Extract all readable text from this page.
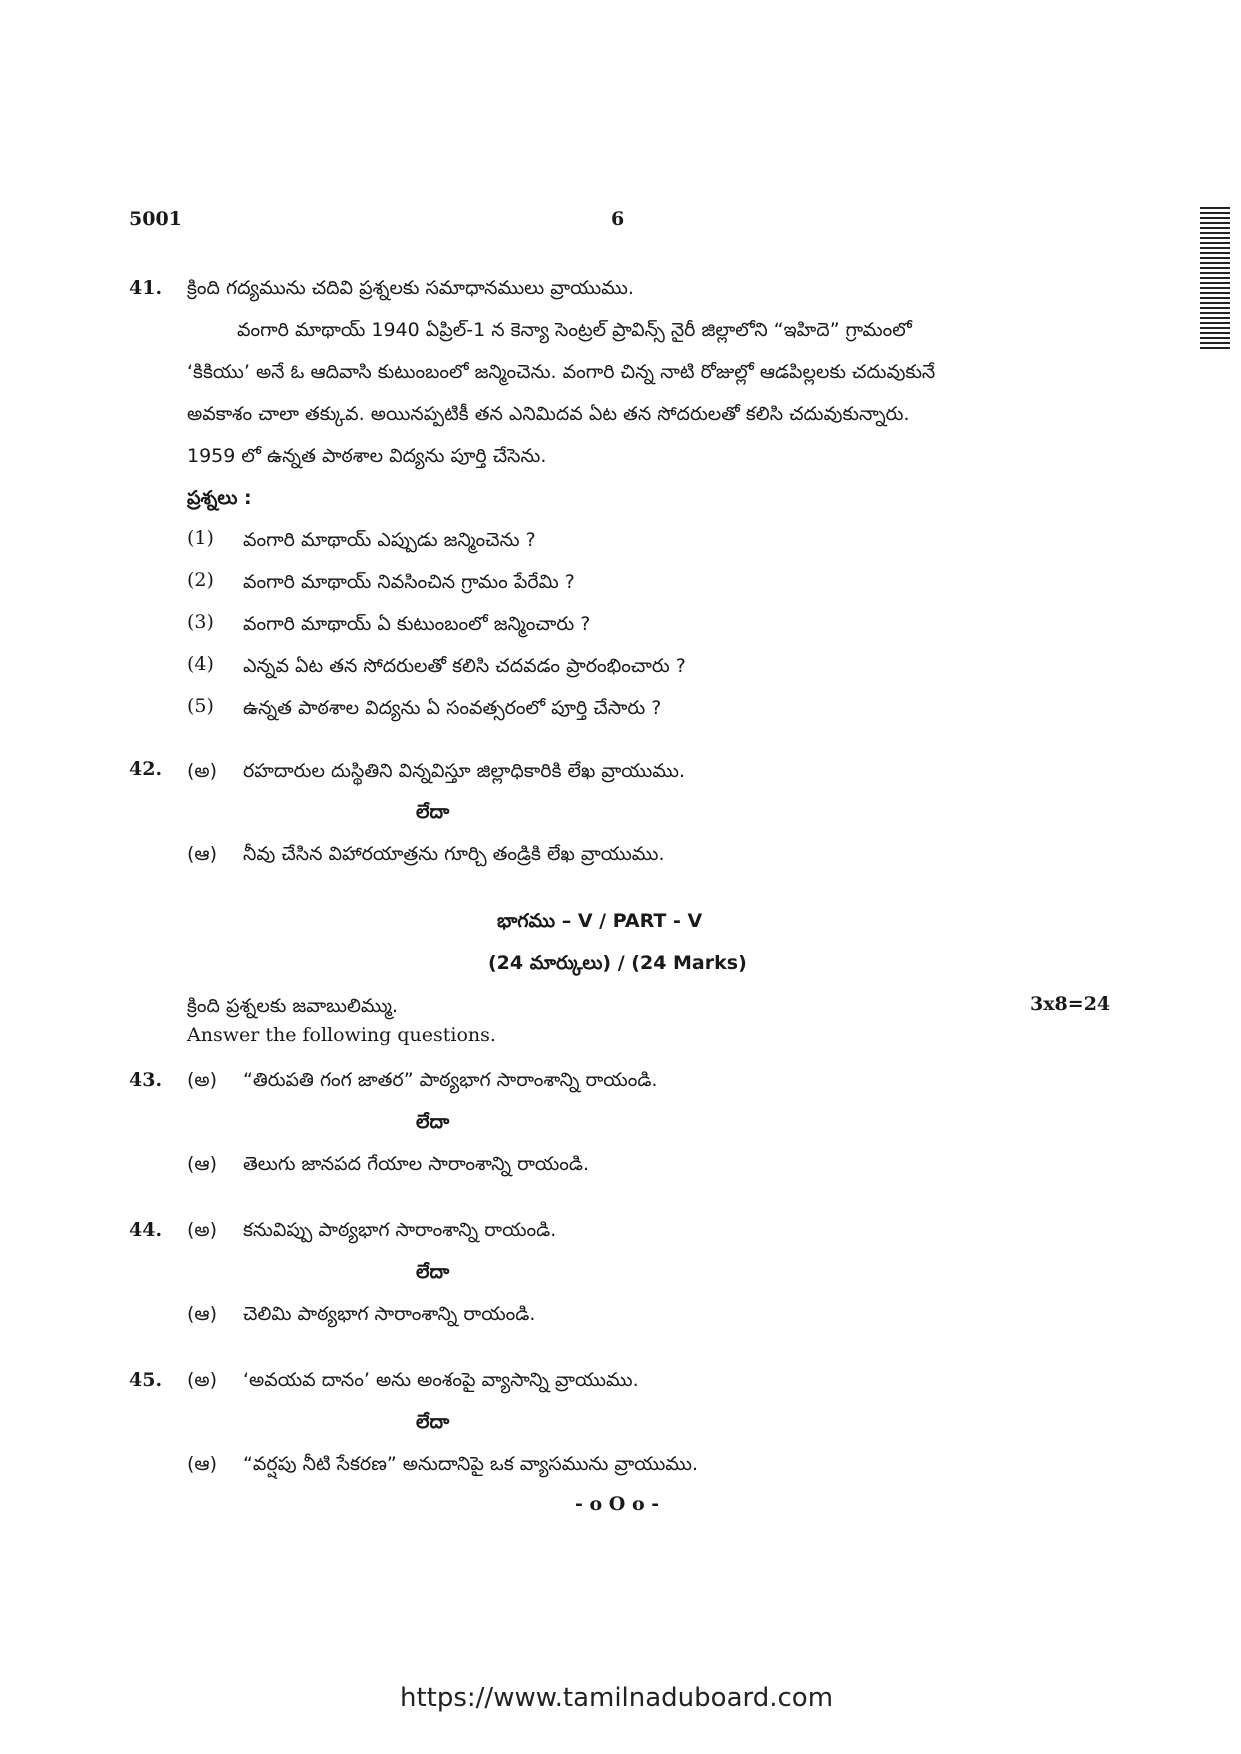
5001	6
41. క్రింది గద్యమును చదివి ప్రశ్నలకు సమాధానములు వ్రాయుము.
వంగారి మాథాయ్ 1940 ఏప్రిల్-1 న కెన్యా సెంట్రల్ ప్రావిన్స్ నైరీ జిల్లాలోని “ఇహిదె” గ్రామంలో
‘కికియు’ అనే ఓ ఆదివాసి కుటుంబంలో జన్మించెను. వంగారి చిన్న నాటి రోజుల్లో ఆడపిల్లలకు చదువుకునే
అవకాశం చాలా తక్కువ. అయినప్పటికీ తన ఎనిమిదవ ఏట తన సోదరులతో కలిసి చదువుకున్నారు.
1959 లో ఉన్నత పాఠశాల విద్యను పూర్తి చేసెను.
ప్రశ్నలు :
(1) వంగారి మాథాయ్ ఎప్పుడు జన్మించెను ?
(2) వంగారి మాథాయ్ నివసించిన గ్రామం పేరేమి ?
(3) వంగారి మాథాయ్ ఏ కుటుంబంలో జన్మించారు ?
(4) ఎన్నవ ఏట తన సోదరులతో కలిసి చదవడం ప్రారంభించారు ?
(5) ఉన్నత పాఠశాల విద్యను ఏ సంవత్సరంలో పూర్తి చేసారు ?
42. (అ) రహదారుల దుస్థితిని విన్నవిస్తూ జిల్లాధికారికి లేఖ వ్రాయుము.
లేదా
(ఆ) నీవు చేసిన విహారయాత్రను గూర్చి తండ్రికి లేఖ వ్రాయుము.
భాగము – V / PART - V
(24 మార్కులు) / (24 Marks)
క్రింది ప్రశ్నలకు జవాబులిమ్ము.	3x8=24
Answer the following questions.
43. (అ) “తిరుపతి గంగ జాతర” పాఠ్యభాగ సారాంశాన్ని రాయండి.
లేదా
(ఆ) తెలుగు జానపద గేయాల సారాంశాన్ని రాయండి.
44. (అ) కనువిప్పు పాఠ్యభాగ సారాంశాన్ని రాయండి.
లేదా
(ఆ) చెలిమి పాఠ్యభాగ సారాంశాన్ని రాయండి.
45. (అ) ‘అవయవ దానం’ అను అంశంపై వ్యాసాన్ని వ్రాయుము.
లేదా
(ఆ) “వర్షపు నీటి సేకరణ” అనుదానిపై ఒక వ్యాసమును వ్రాయుము.
- o O o -
https://www.tamilnaduboard.com
